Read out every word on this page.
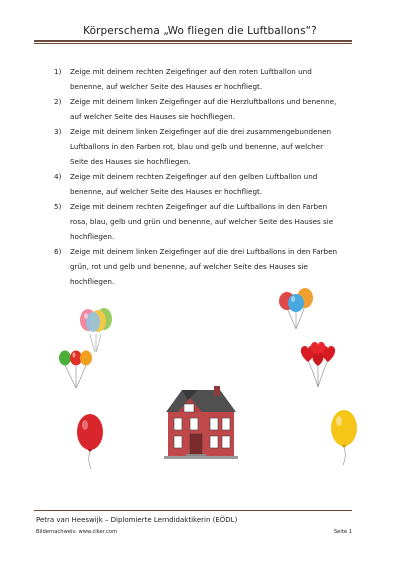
Körperschema „Wo fliegen die Luftballons“?
1) Zeige mit deinem rechten Zeigefinger auf den roten Luftballon und
benenne, auf welcher Seite des Hauses er hochfliegt.
2) Zeige mit deinem linken Zeigefinger auf die Herzluftballons und benenne,
auf welcher Seite des Hauses sie hochfliegen.
3) Zeige mit deinem linken Zeigefinger auf die drei zusammengebundenen
Luftballons in den Farben rot, blau und gelb und benenne, auf welcher
Seite des Hauses sie hochfliegen.
4) Zeige mit deinem rechten Zeigefinger auf den gelben Luftballon und
benenne, auf welcher Seite des Hauses er hochfliegt.
5) Zeige mit deinem rechten Zeigefinger auf die Luftballons in den Farben
rosa, blau, gelb und grün und benenne, auf welcher Seite des Hauses sie
hochfliegen.
6) Zeige mit deinem linken Zeigefinger auf die drei Luftballons in den Farben
grün, rot und gelb und benenne, auf welcher Seite des Hauses sie
hochfliegen.
Petra van Heeswijk – Diplomierte Lerndidaktikerin (EÖDL)
Bildernachweis: www.clker.com	Seite 1
